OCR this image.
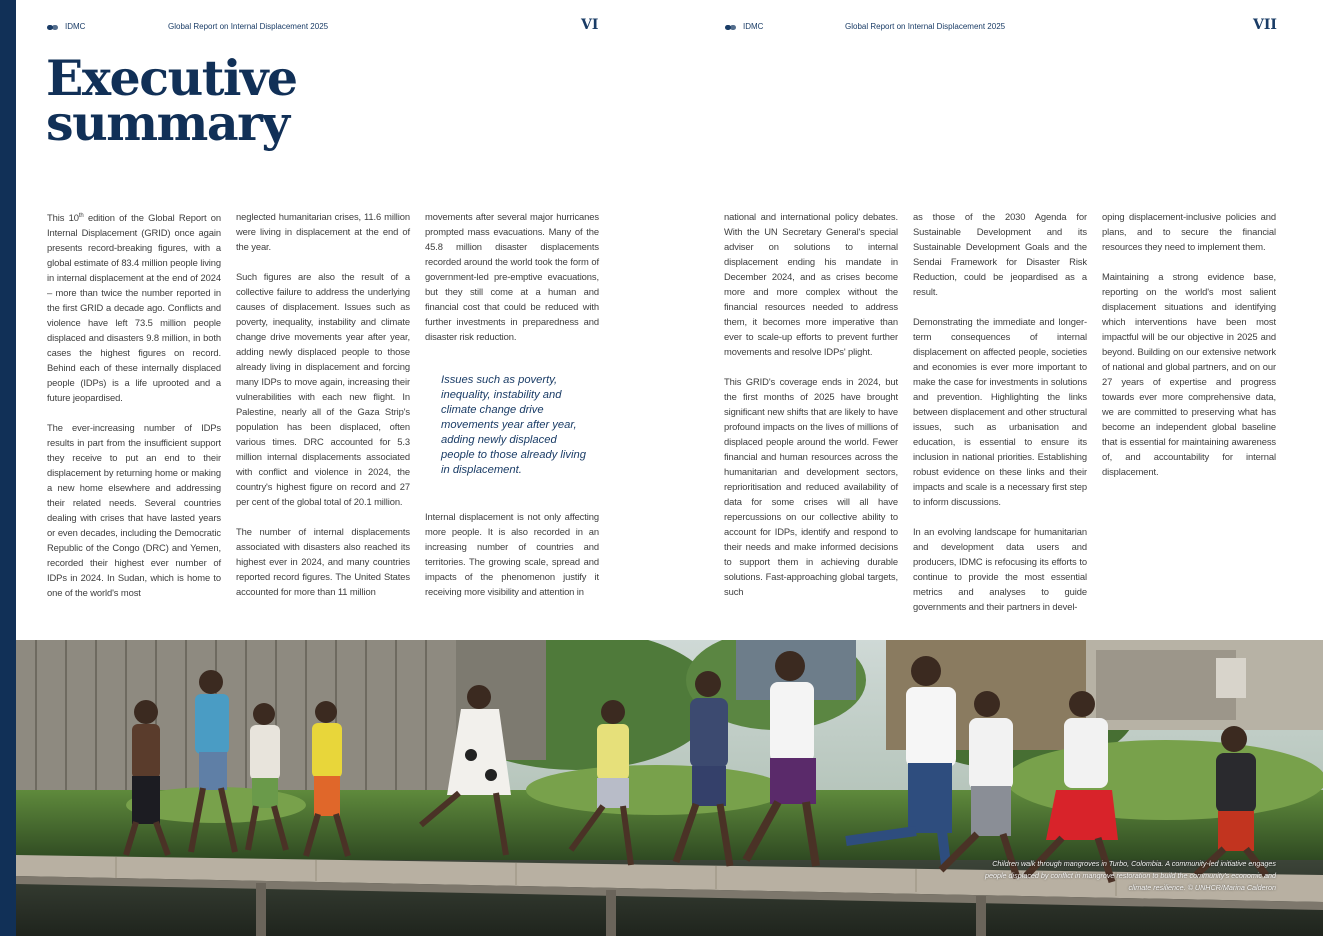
IDMC	Global Report on Internal Displacement 2025	VI	IDMC	Global Report on Internal Displacement 2025	VII
Executive
summary

This 10th edition of the Global Report on Internal Displacement (GRID) once again presents record-breaking figures, with a global estimate of 83.4 million people living in internal displacement at the end of 2024 – more than twice the number reported in the first GRID a decade ago. Conflicts and violence have left 73.5 million people displaced and disasters 9.8 million, in both cases the highest figures on record. Behind each of these internally displaced people (IDPs) is a life uprooted and a future jeopardised.

The ever-increasing number of IDPs results in part from the insufficient support they receive to put an end to their displacement by returning home or making a new home elsewhere and addressing their related needs. Several countries dealing with crises that have lasted years or even decades, including the Democratic Republic of the Congo (DRC) and Yemen, recorded their highest ever number of IDPs in 2024. In Sudan, which is home to one of the world's most

neglected humanitarian crises, 11.6 million were living in displacement at the end of the year.

Such figures are also the result of a collective failure to address the underlying causes of displacement. Issues such as poverty, inequality, instability and climate change drive movements year after year, adding newly displaced people to those already living in displacement and forcing many IDPs to move again, increasing their vulnerabilities with each new flight. In Palestine, nearly all of the Gaza Strip's population has been displaced, often various times. DRC accounted for 5.3 million internal displacements associated with conflict and violence in 2024, the country's highest figure on record and 27 per cent of the global total of 20.1 million.

The number of internal displacements associated with disasters also reached its highest ever in 2024, and many countries reported record figures. The United States accounted for more than 11 million

movements after several major hurricanes prompted mass evacuations. Many of the 45.8 million disaster displacements recorded around the world took the form of government-led pre-emptive evacuations, but they still come at a human and financial cost that could be reduced with further investments in preparedness and disaster risk reduction.

Internal displacement is not only affecting more people. It is also recorded in an increasing number of countries and territories. The growing scale, spread and impacts of the phenomenon justify it receiving more visibility and attention in

Issues such as poverty, inequality, instability and climate change drive movements year after year, adding newly displaced people to those already living in displacement.

national and international policy debates. With the UN Secretary General's special adviser on solutions to internal displacement ending his mandate in December 2024, and as crises become more and more complex without the financial resources needed to address them, it becomes more imperative than ever to scale-up efforts to prevent further movements and resolve IDPs' plight.

This GRID's coverage ends in 2024, but the first months of 2025 have brought significant new shifts that are likely to have profound impacts on the lives of millions of displaced people around the world. Fewer financial and human resources across the humanitarian and development sectors, reprioritisation and reduced availability of data for some crises will all have repercussions on our collective ability to account for IDPs, identify and respond to their needs and make informed decisions to support them in achieving durable solutions. Fast-approaching global targets, such

as those of the 2030 Agenda for Sustainable Development and its Sustainable Development Goals and the Sendai Framework for Disaster Risk Reduction, could be jeopardised as a result.

Demonstrating the immediate and longer-term consequences of internal displacement on affected people, societies and economies is ever more important to make the case for investments in solutions and prevention. Highlighting the links between displacement and other structural issues, such as urbanisation and education, is essential to ensure its inclusion in national priorities. Establishing robust evidence on these links and their impacts and scale is a necessary first step to inform discussions.

In an evolving landscape for humanitarian and development data users and producers, IDMC is refocusing its efforts to continue to provide the most essential metrics and analyses to guide governments and their partners in devel-

oping displacement-inclusive policies and plans, and to secure the financial resources they need to implement them.

Maintaining a strong evidence base, reporting on the world's most salient displacement situations and identifying which interventions have been most impactful will be our objective in 2025 and beyond. Building on our extensive network of national and global partners, and on our 27 years of expertise and progress towards ever more comprehensive data, we are committed to preserving what has become an independent global baseline that is essential for maintaining awareness of, and accountability for internal displacement.

Children walk through mangroves in Turbo, Colombia. A community-led initiative engages people displaced by conflict in mangrove restoration to build the community's economic and climate resilience. © UNHCR/Marina Calderon
